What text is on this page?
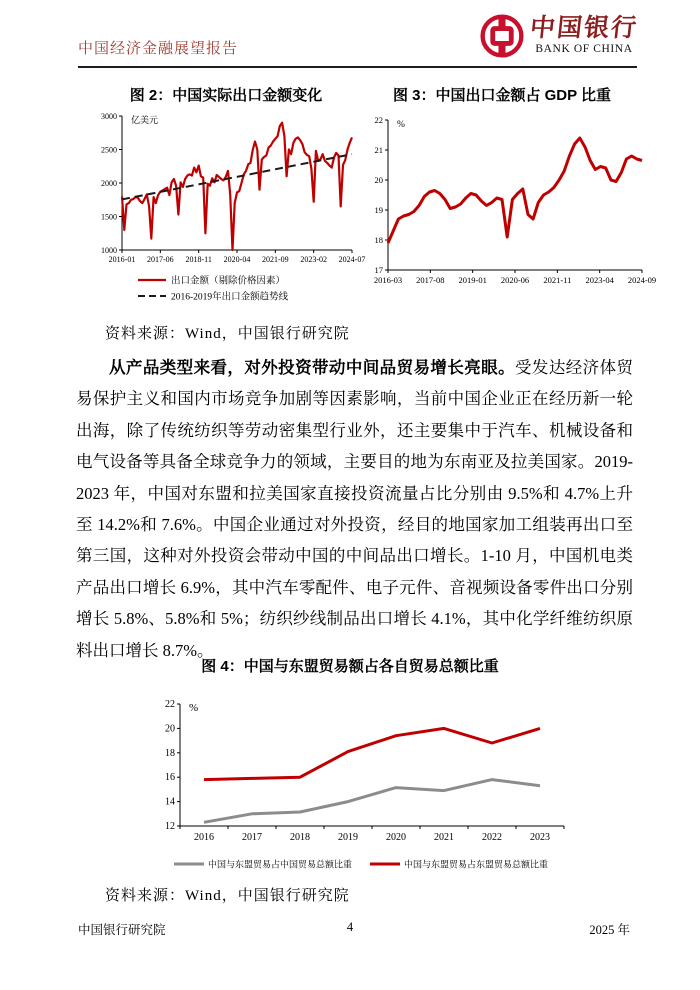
中国经济金融展望报告
中国银行
BANK OF CHINA
图 2：中国实际出口金额变化	图 3：中国出口金额占 GDP 比重
1000
1500
2000
2500
3000
2016-01 2017-06 2018-11 2020-04 2021-09 2023-02 2024-07
亿美元
出口金额（剔除价格因素）
2016-2019年出口金额趋势线
17
18
19
20
21
22
2016-03 2017-08 2019-01 2020-06 2021-11 2023-04 2024-09
%
资料来源：Wind，中国银行研究院

从产品类型来看，对外投资带动中间品贸易增长亮眼。受发达经济体贸易保护主义和国内市场竞争加剧等因素影响，当前中国企业正在经历新一轮出海，除了传统纺织等劳动密集型行业外，还主要集中于汽车、机械设备和电气设备等具备全球竞争力的领域，主要目的地为东南亚及拉美国家。2019-2023 年，中国对东盟和拉美国家直接投资流量占比分别由 9.5%和 4.7%上升至 14.2%和 7.6%。中国企业通过对外投资，经目的地国家加工组装再出口至第三国，这种对外投资会带动中国的中间品出口增长。1-10 月，中国机电类产品出口增长 6.9%，其中汽车零配件、电子元件、音视频设备零件出口分别增长 5.8%、5.8%和 5%；纺织纱线制品出口增长 4.1%，其中化学纤维纺织原料出口增长 8.7%。

图 4：中国与东盟贸易额占各自贸易总额比重
12
14
16
18
20
22
2016	2017	2018	2019	2020	2021	2022	2023
%
中国与东盟贸易占中国贸易总额比重	中国与东盟贸易占东盟贸易总额比重
资料来源：Wind，中国银行研究院
中国银行研究院	4	2025 年
